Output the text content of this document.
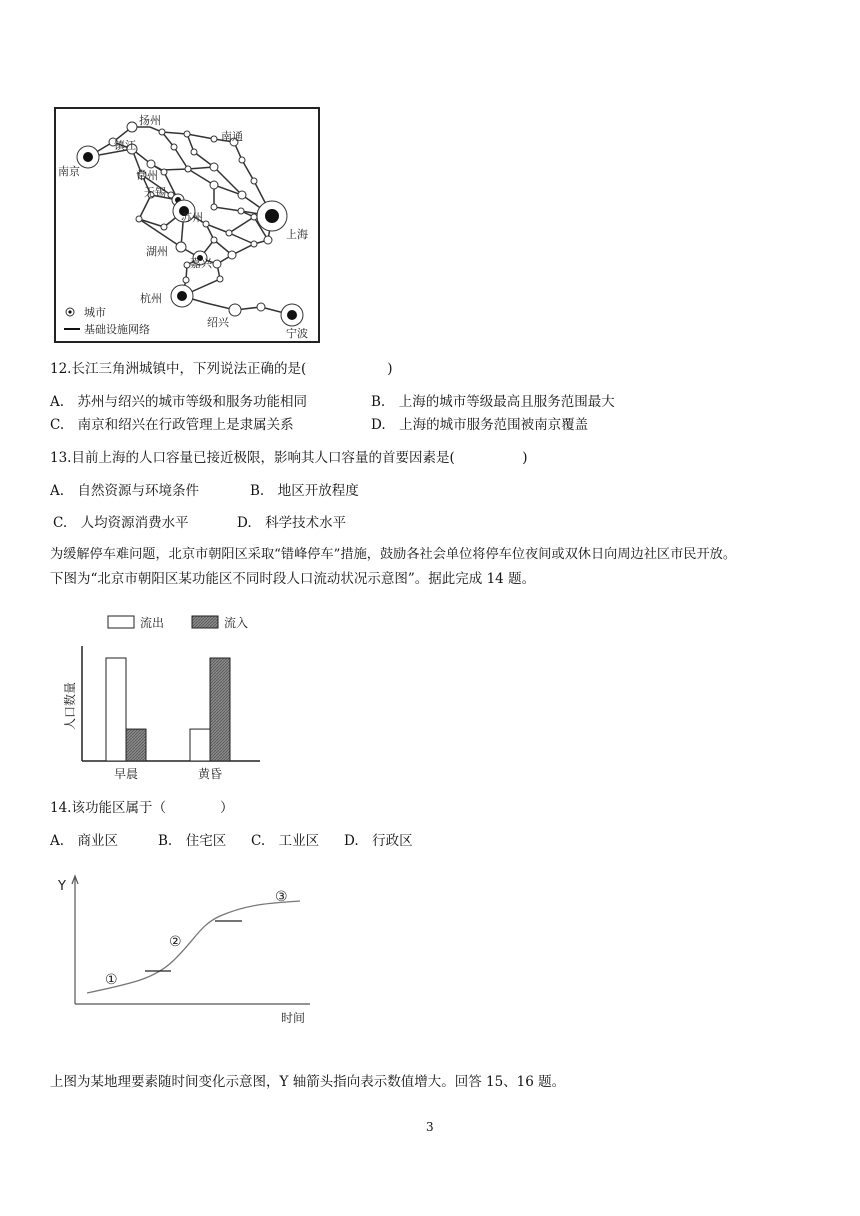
扬州
南通
镇江
南京	常州
无锡
苏州
上海
湖州
嘉兴
杭州
绍兴
宁波
城市
基础设施网络
12.长江三角洲城镇中，下列说法正确的是(　　　　　　)
A.　苏州与绍兴的城市等级和服务功能相同	B.　上海的城市等级最高且服务范围最大
C.　南京和绍兴在行政管理上是隶属关系	D.　上海的城市服务范围被南京覆盖
13.目前上海的人口容量已接近极限，影响其人口容量的首要因素是(　　　　　)
A.　自然资源与环境条件	B.　地区开放程度
C.　人均资源消费水平	D.　科学技术水平
为缓解停车难问题，北京市朝阳区采取“错峰停车”措施，鼓励各社会单位将停车位夜间或双休日向周边社区市民开放。
下图为“北京市朝阳区某功能区不同时段人口流动状况示意图”。据此完成 14 题。
流出	流入
人口数量
早晨	黄昏
14.该功能区属于（　　　　）
A.　商业区	B.　住宅区 C.　工业区 D.　行政区
Y
时间
①
②
③
上图为某地理要素随时间变化示意图，Y 轴箭头指向表示数值增大。回答 15、16 题。
3
